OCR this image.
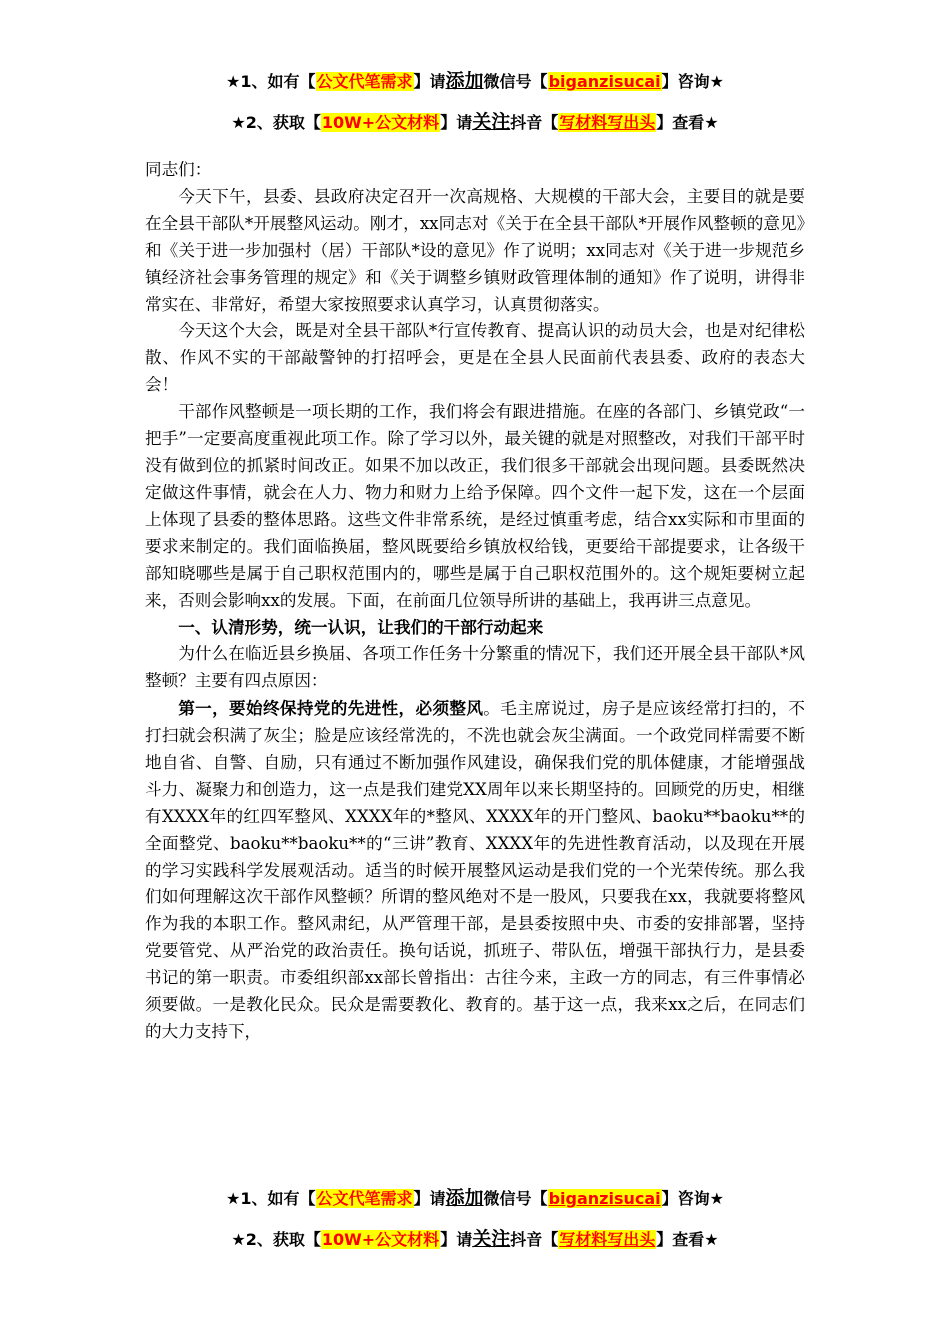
★1、如有【公文代笔需求】请添加微信号【biganzisucai】咨询★
★2、获取【10W+公文材料】请关注抖音【写材料写出头】查看★

同志们：

今天下午，县委、县政府决定召开一次高规格、大规模的干部大会，主要目的就是要在全县干部队*开展整风运动。刚才，xx同志对《关于在全县干部队*开展作风整顿的意见》和《关于进一步加强村（居）干部队*设的意见》作了说明；xx同志对《关于进一步规范乡镇经济社会事务管理的规定》和《关于调整乡镇财政管理体制的通知》作了说明，讲得非常实在、非常好，希望大家按照要求认真学习，认真贯彻落实。

今天这个大会，既是对全县干部队*行宣传教育、提高认识的动员大会，也是对纪律松散、作风不实的干部敲警钟的打招呼会，更是在全县人民面前代表县委、政府的表态大会！

干部作风整顿是一项长期的工作，我们将会有跟进措施。在座的各部门、乡镇党政“一把手”一定要高度重视此项工作。除了学习以外，最关键的就是对照整改，对我们干部平时没有做到位的抓紧时间改正。如果不加以改正，我们很多干部就会出现问题。县委既然决定做这件事情，就会在人力、物力和财力上给予保障。四个文件一起下发，这在一个层面上体现了县委的整体思路。这些文件非常系统，是经过慎重考虑，结合xx实际和市里面的要求来制定的。我们面临换届，整风既要给乡镇放权给钱，更要给干部提要求，让各级干部知晓哪些是属于自己职权范围内的，哪些是属于自己职权范围外的。这个规矩要树立起来，否则会影响xx的发展。下面，在前面几位领导所讲的基础上，我再讲三点意见。

一、认清形势，统一认识，让我们的干部行动起来

为什么在临近县乡换届、各项工作任务十分繁重的情况下，我们还开展全县干部队*风整顿？主要有四点原因：

第一，要始终保持党的先进性，必须整风。毛主席说过，房子是应该经常打扫的，不打扫就会积满了灰尘；脸是应该经常洗的，不洗也就会灰尘满面。一个政党同样需要不断地自省、自警、自励，只有通过不断加强作风建设，确保我们党的肌体健康，才能增强战斗力、凝聚力和创造力，这一点是我们建党XX周年以来长期坚持的。回顾党的历史，相继有XXXX年的红四军整风、XXXX年的*整风、XXXX年的开门整风、baoku**baoku**的全面整党、baoku**baoku**的“三讲”教育、XXXX年的先进性教育活动，以及现在开展的学习实践科学发展观活动。适当的时候开展整风运动是我们党的一个光荣传统。那么我们如何理解这次干部作风整顿？所谓的整风绝对不是一股风，只要我在xx，我就要将整风作为我的本职工作。整风肃纪，从严管理干部，是县委按照中央、市委的安排部署，坚持党要管党、从严治党的政治责任。换句话说，抓班子、带队伍，增强干部执行力，是县委书记的第一职责。市委组织部xx部长曾指出：古往今来，主政一方的同志，有三件事情必须要做。一是教化民众。民众是需要教化、教育的。基于这一点，我来xx之后，在同志们的大力支持下，

★1、如有【公文代笔需求】请添加微信号【biganzisucai】咨询★
★2、获取【10W+公文材料】请关注抖音【写材料写出头】查看★
